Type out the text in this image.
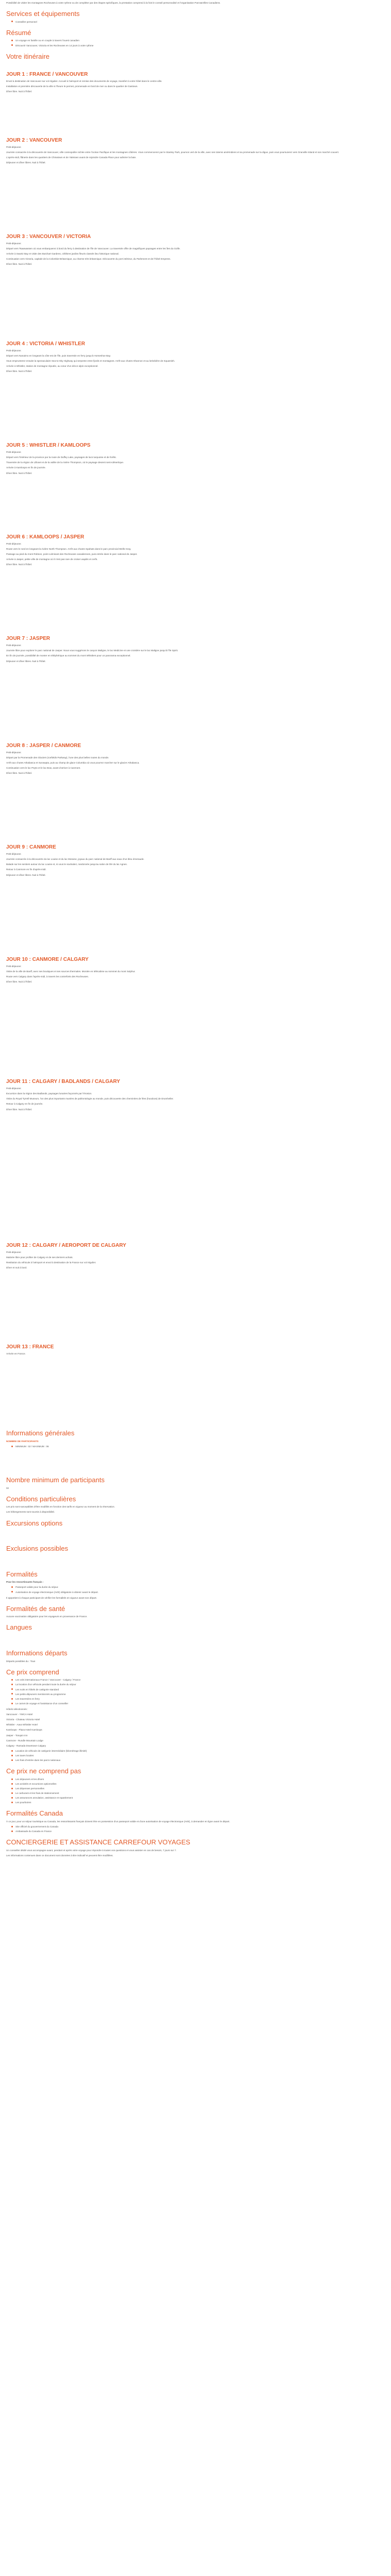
Possibilité de visiter les montagnes Rocheuses à votre rythme ou de compléter par des étapes spécifiques, la prestation comprend à la fois le conseil personnalisé et l'organisation Parcs&Villes Canadiens.

Services et équipements
Conseiller personnel
Résumé
Un voyage en famille ou en couple à travers l'ouest canadien
Découvrir Vancouver, Victoria et les Rocheuses en 14 jours à votre rythme
Votre itinéraire
JOUR 1 : FRANCE / VANCOUVER

Envol à destination de Vancouver sur vol régulier. Accueil à l'aéroport et remise des documents de voyage, transfert à votre hôtel dans le centre-ville.

Installation et première découverte de la ville si l'heure le permet, promenade en bord de mer ou dans le quartier de Gastown.

Dîner libre. Nuit à l'hôtel.

JOUR 2 : VANCOUVER

Petit-déjeuner.

Journée consacrée à la découverte de Vancouver, ville cosmopolite nichée entre l'océan Pacifique et les montagnes côtières. Vous commencerez par le Stanley Park, poumon vert de la ville, avec ses totems amérindiens et sa promenade sur la digue, puis vous poursuivrez vers Granville Island et son marché couvert.

L'après-midi, flânerie dans les quartiers de Chinatown et de Yaletown avant de rejoindre Canada Place pour admirer la baie.

Déjeuner et dîner libres. Nuit à l'hôtel.

JOUR 3 : VANCOUVER / VICTORIA

Petit-déjeuner.

Départ vers Tsawwassen où vous embarquerez à bord du ferry à destination de l'île de Vancouver. La traversée offre de magnifiques paysages entre les îles du Golfe.

Arrivée à Swartz Bay et visite des Butchart Gardens, célèbres jardins fleuris classés lieu historique national.

Continuation vers Victoria, capitale de la Colombie-Britannique, au charme très britannique. Découverte du port intérieur, du Parlement et de l'hôtel Empress.

Dîner libre. Nuit à l'hôtel.

JOUR 4 : VICTORIA / WHISTLER

Petit-déjeuner.

Départ vers Nanaimo en longeant la côte est de l'île, puis traversée en ferry jusqu'à Horseshoe Bay.

Vous emprunterez ensuite la spectaculaire Sea-to-Sky Highway qui serpente entre fjords et montagnes. Arrêt aux chutes Shannon et au belvédère de Squamish.

Arrivée à Whistler, station de montagne réputée, au cœur d'un décor alpin exceptionnel.

Dîner libre. Nuit à l'hôtel.

JOUR 5 : WHISTLER / KAMLOOPS

Petit-déjeuner.

Départ vers l'intérieur de la province par la route de Duffey Lake, paysages de lacs turquoise et de forêts.

Traversée de la région de Lillooet et de la vallée de la rivière Thompson, où le paysage devient semi-désertique.

Arrivée à Kamloops en fin de journée.

Dîner libre. Nuit à l'hôtel.

JOUR 6 : KAMLOOPS / JASPER

Petit-déjeuner.

Route vers le nord en longeant la rivière North Thompson. Arrêt aux chutes Spahats dans le parc provincial Wells Gray.

Passage au pied du mont Robson, point culminant des Rocheuses canadiennes, puis entrée dans le parc national de Jasper.

Arrivée à Jasper, petite ville de montagne où il n'est pas rare de croiser wapitis et cerfs.

Dîner libre. Nuit à l'hôtel.

JOUR 7 : JASPER

Petit-déjeuner.

Journée libre pour explorer le parc national de Jasper. Nous vous suggérons le canyon Maligne, le lac Medicine et une croisière sur le lac Maligne jusqu'à l'île Spirit.

En fin de journée, possibilité de monter en téléphérique au sommet du mont Whistlers pour un panorama exceptionnel.

Déjeuner et dîner libres. Nuit à l'hôtel.

JOUR 8 : JASPER / CANMORE

Petit-déjeuner.

Départ par la Promenade des Glaciers (Icefields Parkway), l'une des plus belles routes du monde.

Arrêt aux chutes Athabasca et Sunwapta, puis au champ de glace Columbia où vous pourrez marcher sur le glacier Athabasca.

Continuation vers le lac Peyto et le lac Bow, avant d'arriver à Canmore.

Dîner libre. Nuit à l'hôtel.

JOUR 9 : CANMORE

Petit-déjeuner.

Journée consacrée à la découverte du lac Louise et du lac Moraine, joyaux du parc national de Banff aux eaux d'un bleu émeraude.

Balade sur les sentiers autour du lac Louise et, si vous le souhaitez, randonnée jusqu'au salon de thé du lac Agnes.

Retour à Canmore en fin d'après-midi.

Déjeuner et dîner libres. Nuit à l'hôtel.

JOUR 10 : CANMORE / CALGARY

Petit-déjeuner.

Visite de la ville de Banff, avec ses boutiques et ses sources thermales. Montée en télécabine au sommet du mont Sulphur.

Route vers Calgary dans l'après-midi, à travers les contreforts des Rocheuses.

Dîner libre. Nuit à l'hôtel.

JOUR 11 : CALGARY / BADLANDS / CALGARY

Petit-déjeuner.

Excursion dans la région des Badlands, paysages lunaires façonnés par l'érosion.

Visite du Royal Tyrrell Museum, l'un des plus importants musées de paléontologie au monde, puis découverte des cheminées de fées (hoodoos) de Drumheller.

Retour à Calgary en fin de journée.

Dîner libre. Nuit à l'hôtel.

JOUR 12 : CALGARY / AEROPORT DE CALGARY

Petit-déjeuner.

Matinée libre pour profiter de Calgary et de ses derniers achats.

Restitution du véhicule à l'aéroport et envol à destination de la France sur vol régulier.

Dîner et nuit à bord.

JOUR 13 : FRANCE

Arrivée en France.

Informations générales

NOMBRE DE PARTICIPANTS

MINIMUM : 02 / MAXIMUM : 06
Nombre minimum de participants

02

Conditions particulières

Les prix sont susceptibles d'être modifiés en fonction des tarifs en vigueur au moment de la réservation.

Les hébergements sont soumis à disponibilité.

Excursions options
Exclusions possibles
Formalités

Pour les ressortissants français :

Passeport valide pour la durée du séjour.
Autorisation de voyage électronique (AVE) obligatoire à obtenir avant le départ.

Il appartient à chaque participant de vérifier les formalités en vigueur avant son départ.

Formalités de santé

Aucune vaccination obligatoire pour les voyageurs en provenance de France.

Langues
Informations départs

Départs possibles du : Tous

Ce prix comprend
Les vols internationaux France / Vancouver - Calgary / France
La location d'un véhicule pendant toute la durée du séjour
Les nuits en hôtels de catégorie standard
Les petits-déjeuners mentionnés au programme
Les traversées en ferry
Le carnet de voyage et l'assistance d'un conseiller

Hôtels sélectionnés :

Vancouver - YWCA Hotel

Victoria - Chateau Victoria Hotel

Whistler - Aava Whistler Hotel

Kamloops - Plaza Hotel Kamloops

Jasper - Tonquin Inn

Canmore - Rundle Mountain Lodge

Calgary - Ramada Downtown Calgary

Location de véhicule de catégorie intermédiaire (kilométrage illimité)
Les taxes locales
Les frais d'entrée dans les parcs nationaux
Ce prix ne comprend pas
Les déjeuners et les dîners
Les activités et excursions optionnelles
Les dépenses personnelles
Le carburant et les frais de stationnement
Les assurances annulation, assistance et rapatriement
Les pourboires
Formalités Canada

À ce jour, pour un séjour touristique au Canada, les ressortissants français doivent être en possession d'un passeport valide et d'une autorisation de voyage électronique (AVE), à demander en ligne avant le départ.

Site officiel du gouvernement du Canada
Ambassade du Canada en France
CONCIERGERIE ET ASSISTANCE CARREFOUR VOYAGES

Un conseiller dédié vous accompagne avant, pendant et après votre voyage pour répondre à toutes vos questions et vous assister en cas de besoin, 7 jours sur 7.

Les informations contenues dans ce document sont données à titre indicatif et peuvent être modifiées.
